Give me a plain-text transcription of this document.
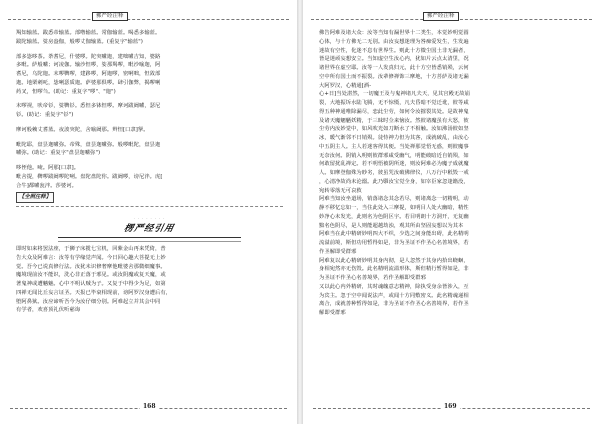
佛严经注释

羯知输蓝。跋悉帝输蓝。部噜输蓝。常伽输蓝。喝悉多输蓝。

跋陀输蓝。娑房盎伽，般啰丈伽输蓝。(重复字"输蓝")

部多毖哆茶。荼耆尼，什婆啰。陀突嚧迦，建咄嚧吉知，婆路

多毗。萨般嚧；诃凌伽。输沙怛啰，娑那羯啰，毗沙喻迦，阿

耆尼，乌陀迦。末啰鞞啰，建跢啰，阿迦啰，密唎咄，怛敛部

迦。地栗刺吒，毖唎瑟质迦。萨婆那俱啰。肆引伽弊，揭啰唎

药叉，怛啰刍。(助记：重复字"啰"、"迦")

末啰视，吠帝钐，娑鞞钐。悉怛多钵怛啰。摩诃跋阇嚧，瑟尼

钐。(助记：重复字"钐")

摩诃般赖丈耆蓝。夜波突陀，舍喻阇那。辫怛[口隶]拏。

毗陀耶，盘昙迦嚧弥。帝殊，盘昙迦嚧弥。般啰毗陀，盘昙迦

嚧弥。(助记：重复字"盘昙迦嚧弥")

哆侄他。唵。阿那[口隶]。

毗舍提，鞞啰跋阇啰陀唎。盘陀盘陀你。跋阇啰，谤尼泮。虎[

合牛]都嚧瓮泮。莎婆诃。

【全照注释】
· · · · · · · ·
楞严经引用

即时如来将罢法座，于狮子床揽七宝机，回紫金山再来凭倚，普

告大众及阿难言：汝等有学缘觉声闻。今日回心趣大菩提无上妙

觉。吾今已说真修行法。汝犹未识修奢摩他毗婆舍那微细魔事。

魔境现前汝不能识，洗心非正落于邪见。或汝阴魔或复天魔，或

著鬼神或遭魑魅。心中不明认贼为子。又复于中得少为足，如第

四禅无闻比丘妄言证圣。天报已毕衰相现前，谤阿罗汉身遭后有，

堕阿鼻狱。汝应谛听吾今为汝仔细分别。阿难起立并其会中同

有学者，欢喜顶礼伏听慈诲

168
佛严经注释

佛告阿难及诸大众：汝等当知有漏世界十二类生，本觉妙明觉圆

心体，与十方佛无二无别。由汝妄想迷理为咎痴爱发生，生发遍

迷故有空性，化迷不息有世界生。则此十方微尘国土非无漏者，

皆是迷顽妄想安立。当知虚空生汝心内，犹如片云点太清里，况

诸世界在虚空耶。汝等一人发真归元，此十方空皆悉销殒，云何

空中所有国土而不振裂。汝辈修禅饰三摩地，十方菩萨及诸无漏

大阿罗汉，心精通[酒-

心+日]当处湛然，一切魔王及与鬼神诸凡夫天，见其宫殿无故崩

裂，大地振坼水陆飞腾，无不惊慑，凡夫昏暗不觉迁讹，彼等咸

得五种神通唯除漏尽，恋此尘劳，如何令汝摧裂其处。是故神鬼

及诸天魔魍魉妖精，于三昧时佥来恼汝。然彼诸魔虽有大怒，彼

尘劳内汝妙觉中，如风吹光如刀断水了不相触。汝如沸汤彼如坚

冰，暖气渐邻不日销殒。徒恃神力但为其客，成就破乱，由汝心

中五阴主人。主人若迷客得其便。当处禅那觉悟无惑，则彼魔事

无奈汝何。阴销入明则彼群邪咸受幽气，明能破暗近自销殒，如

何敢留扰乱禅定。若不明悟被阴所迷，则汝阿难必为魔子成就魔

人。如摩登伽殊为眇劣，彼虽咒汝破佛律仪，八万行中秖毁一戒

，心清净故尚未沦溺。此乃隳汝宝觉全身，如宰臣家忽逢籍没，

宛转零落无可哀救

阿难当知汝坐道场，销落诸念其念若尽，则诸离念一切精明，动

静不移忆忘如一，当住此处入三摩提，如明目人处大幽暗，精性

妙净心未发光，此则名为色阴区宇。若目明朗十方洞开，无复幽

黯名色阴尽，是人则能超越劫浊，观其所由坚固妄想以为其本

阿难当在此中精研妙明四大不织，少选之间身能出碍，此名精明

流溢前境，斯但功用暂得如是，非为圣证不作圣心名善境界，若

作圣解即受群邪

阿难复以此心精研妙明其身内彻，是人忽然于其身内拾出蛲蛔，

身相宛然亦无伤毁。此名精明流溢形体，斯但精行暂得如是，非

为圣证不作圣心名善境界，若作圣解即受群邪

又以此心内外精研，其时魂魄意志精神，除执受身余皆涉入，互

为宾主。忽于空中闻说法声，或闻十方同敷密义。此名精魂递相

离合，成就善种暂得如是，非为圣证不作圣心名善境界，若作圣

解即受群邪

169
